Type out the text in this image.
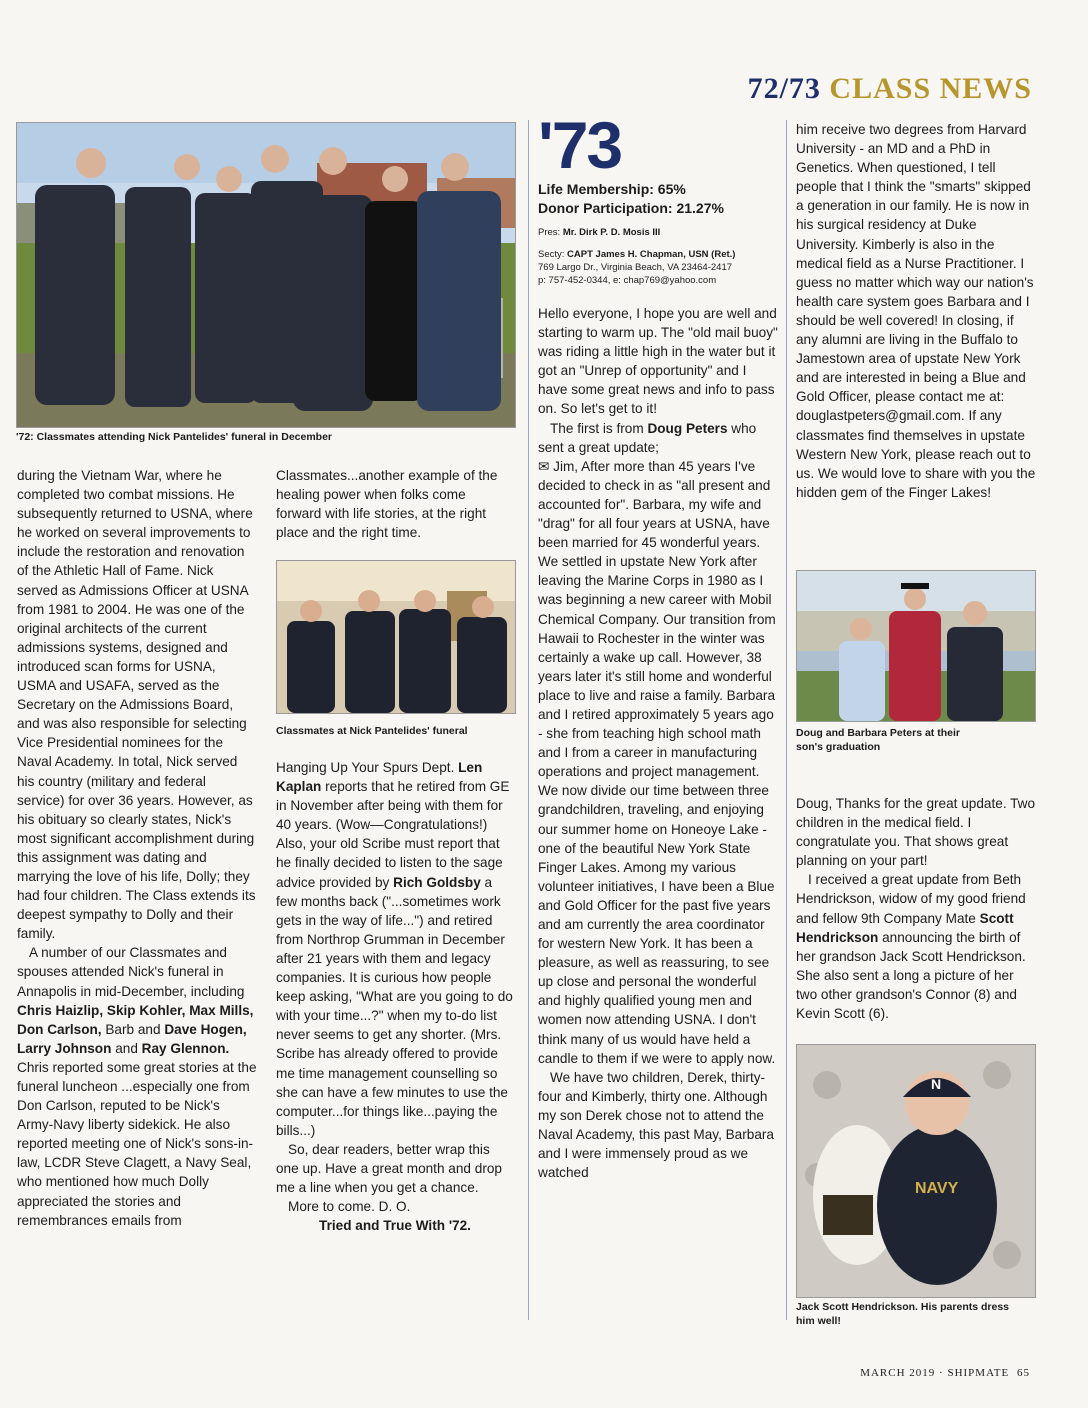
72/73 CLASS NEWS
'72: Classmates attending Nick Pantelides' funeral in December

during the Vietnam War, where he completed two combat missions. He subsequently returned to USNA, where he worked on several improvements to include the restoration and renovation of the Athletic Hall of Fame. Nick served as Admissions Officer at USNA from 1981 to 2004. He was one of the original architects of the current admissions systems, designed and introduced scan forms for USNA, USMA and USAFA, served as the Secretary on the Admissions Board, and was also responsible for selecting Vice Presidential nominees for the Naval Academy. In total, Nick served his country (military and federal service) for over 36 years. However, as his obituary so clearly states, Nick's most significant accomplishment during this assignment was dating and marrying the love of his life, Dolly; they had four children. The Class extends its deepest sympathy to Dolly and their family.

A number of our Classmates and spouses attended Nick's funeral in Annapolis in mid-December, including Chris Haizlip, Skip Kohler, Max Mills, Don Carlson, Barb and Dave Hogen, Larry Johnson and Ray Glennon. Chris reported some great stories at the funeral luncheon ...especially one from Don Carlson, reputed to be Nick's Army-Navy liberty sidekick. He also reported meeting one of Nick's sons-in-law, LCDR Steve Clagett, a Navy Seal, who mentioned how much Dolly appreciated the stories and remembrances emails from

Classmates...another example of the healing power when folks come forward with life stories, at the right place and the right time.

Classmates at Nick Pantelides' funeral

Hanging Up Your Spurs Dept. Len Kaplan reports that he retired from GE in November after being with them for 40 years. (Wow—Congratulations!) Also, your old Scribe must report that he finally decided to listen to the sage advice provided by Rich Goldsby a few months back ("...sometimes work gets in the way of life...") and retired from Northrop Grumman in December after 21 years with them and legacy companies. It is curious how people keep asking, "What are you going to do with your time...?" when my to-do list never seems to get any shorter. (Mrs. Scribe has already offered to provide me time management counselling so she can have a few minutes to use the computer...for things like...paying the bills...)

So, dear readers, better wrap this one up. Have a great month and drop me a line when you get a chance.

More to come. D. O.

Tried and True With '72.

'73
Life Membership: 65%
Donor Participation: 21.27%
Pres: Mr. Dirk P. D. Mosis III
Secty: CAPT James H. Chapman, USN (Ret.)
769 Largo Dr., Virginia Beach, VA 23464-2417
p: 757-452-0344, e: chap769@yahoo.com

Hello everyone, I hope you are well and starting to warm up. The "old mail buoy" was riding a little high in the water but it got an "Unrep of opportunity" and I have some great news and info to pass on. So let's get to it!

The first is from Doug Peters who sent a great update;

✉ Jim, After more than 45 years I've decided to check in as "all present and accounted for". Barbara, my wife and "drag" for all four years at USNA, have been married for 45 wonderful years. We settled in upstate New York after leaving the Marine Corps in 1980 as I was beginning a new career with Mobil Chemical Company. Our transition from Hawaii to Rochester in the winter was certainly a wake up call. However, 38 years later it's still home and wonderful place to live and raise a family. Barbara and I retired approximately 5 years ago - she from teaching high school math and I from a career in manufacturing operations and project management. We now divide our time between three grandchildren, traveling, and enjoying our summer home on Honeoye Lake - one of the beautiful New York State Finger Lakes. Among my various volunteer initiatives, I have been a Blue and Gold Officer for the past five years and am currently the area coordinator for western New York. It has been a pleasure, as well as reassuring, to see up close and personal the wonderful and highly qualified young men and women now attending USNA. I don't think many of us would have held a candle to them if we were to apply now.

We have two children, Derek, thirty-four and Kimberly, thirty one. Although my son Derek chose not to attend the Naval Academy, this past May, Barbara and I were immensely proud as we watched

him receive two degrees from Harvard University - an MD and a PhD in Genetics. When questioned, I tell people that I think the "smarts" skipped a generation in our family. He is now in his surgical residency at Duke University. Kimberly is also in the medical field as a Nurse Practitioner. I guess no matter which way our nation's health care system goes Barbara and I should be well covered! In closing, if any alumni are living in the Buffalo to Jamestown area of upstate New York and are interested in being a Blue and Gold Officer, please contact me at: douglastpeters@gmail.com. If any classmates find themselves in upstate Western New York, please reach out to us. We would love to share with you the hidden gem of the Finger Lakes!

Doug and Barbara Peters at their
son's graduation

Doug, Thanks for the great update. Two children in the medical field. I congratulate you. That shows great planning on your part!

I received a great update from Beth Hendrickson, widow of my good friend and fellow 9th Company Mate Scott Hendrickson announcing the birth of her grandson Jack Scott Hendrickson. She also sent a long a picture of her two other grandson's Connor (8) and Kevin Scott (6).

N
NAVY
Jack Scott Hendrickson. His parents dress
him well!
MARCH 2019 · SHIPMATE 65
